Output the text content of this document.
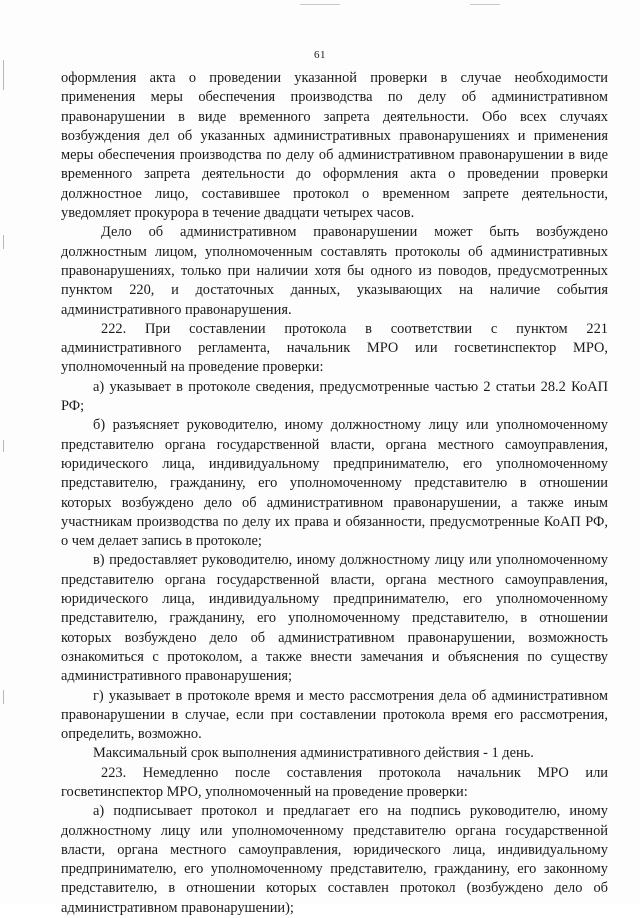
61

оформления акта о проведении указанной проверки в случае необходимости применения меры обеспечения производства по делу об административном правонарушении в виде временного запрета деятельности. Обо всех случаях возбуждения дел об указанных административных правонарушениях и применения меры обеспечения производства по делу об административном правонарушении в виде временного запрета деятельности до оформления акта о проведении проверки должностное лицо, составившее протокол о временном запрете деятельности, уведомляет прокурора в течение двадцати четырех часов.

Дело об административном правонарушении может быть возбуждено должностным лицом, уполномоченным составлять протоколы об административных правонарушениях, только при наличии хотя бы одного из поводов, предусмотренных пунктом 220, и достаточных данных, указывающих на наличие события административного правонарушения.

222. При составлении протокола в соответствии с пунктом 221 административного регламента, начальник МРО или госветинспектор МРО, уполномоченный на проведение проверки:

а) указывает в протоколе сведения, предусмотренные частью 2 статьи 28.2 КоАП РФ;

б) разъясняет руководителю, иному должностному лицу или уполномоченному представителю органа государственной власти, органа местного самоуправления, юридического лица, индивидуальному предпринимателю, его уполномоченному представителю, гражданину, его уполномоченному представителю в отношении которых возбуждено дело об административном правонарушении, а также иным участникам производства по делу их права и обязанности, предусмотренные КоАП РФ, о чем делает запись в протоколе;

в) предоставляет руководителю, иному должностному лицу или уполномоченному представителю органа государственной власти, органа местного самоуправления, юридического лица, индивидуальному предпринимателю, его уполномоченному представителю, гражданину, его уполномоченному представителю, в отношении которых возбуждено дело об административном правонарушении, возможность ознакомиться с протоколом, а также внести замечания и объяснения по существу административного правонарушения;

г) указывает в протоколе время и место рассмотрения дела об административном правонарушении в случае, если при составлении протокола время его рассмотрения, определить, возможно.

Максимальный срок выполнения административного действия - 1 день.

223. Немедленно после составления протокола начальник МРО или госветинспектор МРО, уполномоченный на проведение проверки:

а) подписывает протокол и предлагает его на подпись руководителю, иному должностному лицу или уполномоченному представителю органа государственной власти, органа местного самоуправления, юридического лица, индивидуальному предпринимателю, его уполномоченному представителю, гражданину, его законному представителю, в отношении которых составлен протокол (возбуждено дело об административном правонарушении);
